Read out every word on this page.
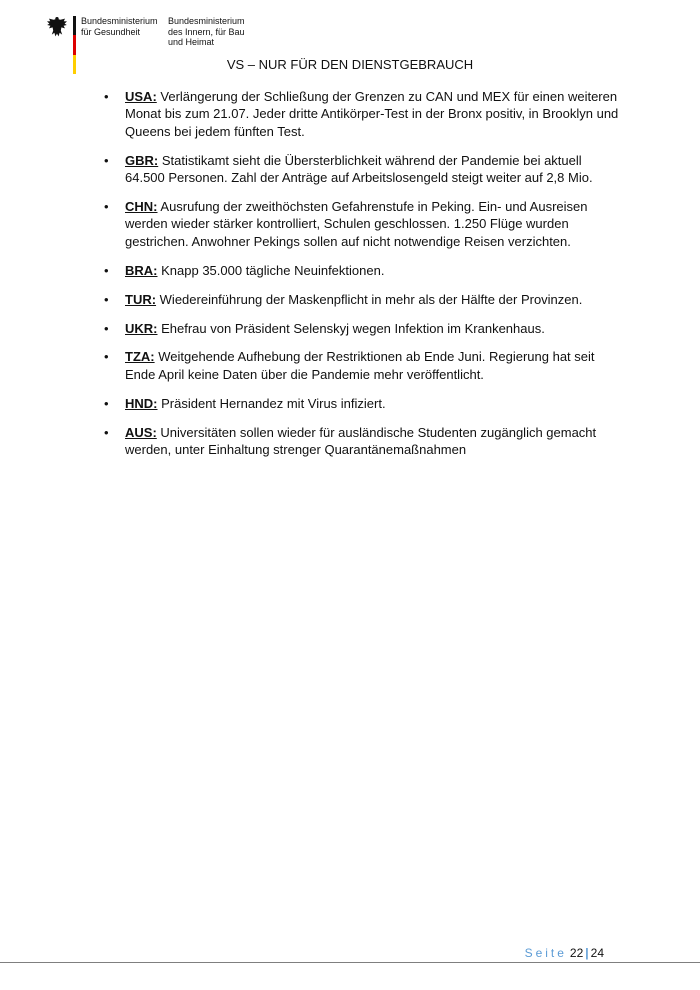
Bundesministerium
für Gesundheit
Bundesministerium
des Innern, für Bau
und Heimat
VS – NUR FÜR DEN DIENSTGEBRAUCH
• USA: Verlängerung der Schließung der Grenzen zu CAN und MEX für einen weiteren Monat bis zum 21.07. Jeder dritte Antikörper-Test in der Bronx positiv, in Brooklyn und Queens bei jedem fünften Test.
• GBR: Statistikamt sieht die Übersterblichkeit während der Pandemie bei aktuell 64.500 Personen. Zahl der Anträge auf Arbeitslosengeld steigt weiter auf 2,8 Mio.
• CHN: Ausrufung der zweithöchsten Gefahrenstufe in Peking. Ein- und Ausreisen werden wieder stärker kontrolliert, Schulen geschlossen. 1.250 Flüge wurden gestrichen. Anwohner Pekings sollen auf nicht notwendige Reisen verzichten.
• BRA: Knapp 35.000 tägliche Neuinfektionen.
• TUR: Wiedereinführung der Maskenpflicht in mehr als der Hälfte der Provinzen.
• UKR: Ehefrau von Präsident Selenskyj wegen Infektion im Krankenhaus.
• TZA: Weitgehende Aufhebung der Restriktionen ab Ende Juni. Regierung hat seit Ende April keine Daten über die Pandemie mehr veröffentlicht.
• HND: Präsident Hernandez mit Virus infiziert.
• AUS: Universitäten sollen wieder für ausländische Studenten zugänglich gemacht werden, unter Einhaltung strenger Quarantänemaßnahmen
Seite 22 | 24
